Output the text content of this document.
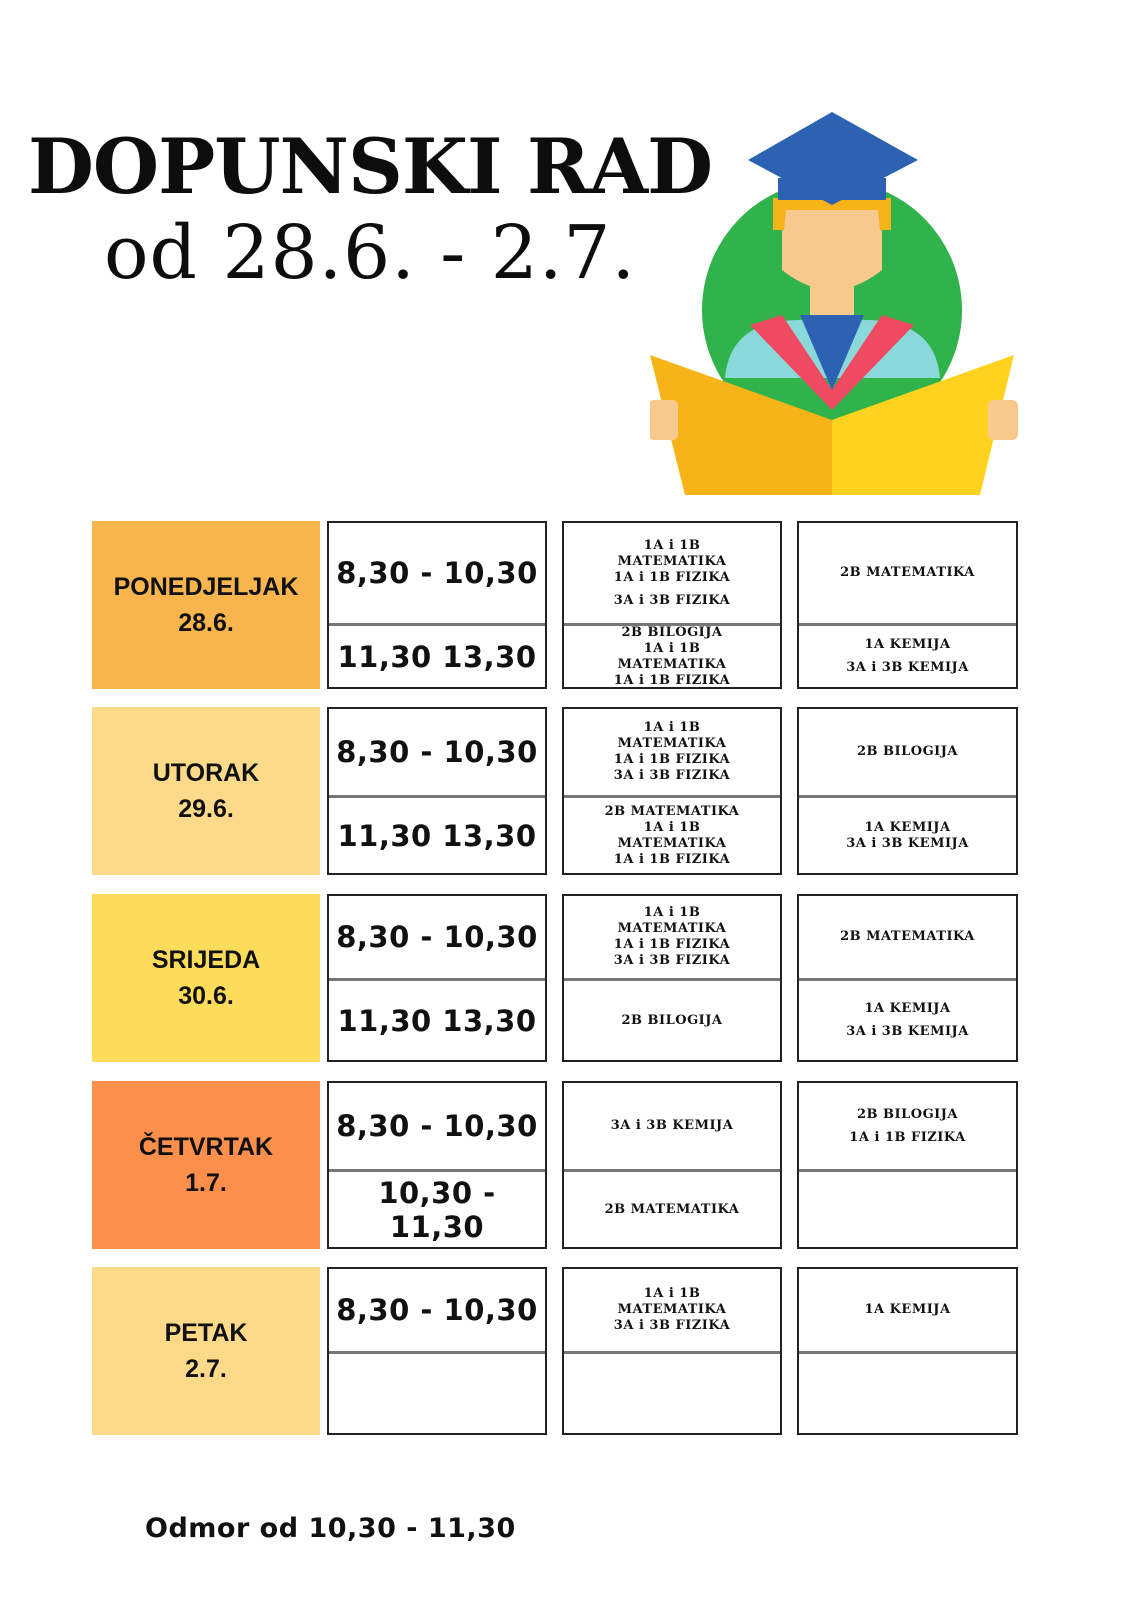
DOPUNSKI RAD
od 28.6. - 2.7.
Odmor od 10,30 - 11,30
PONEDJELJAK
28.6.
8,30 - 10,30
11,30 13,30
1A i 1B
MATEMATIKA
1A i 1B FIZIKA
3A i 3B FIZIKA
2B BILOGIJA
1A i 1B
MATEMATIKA
1A i 1B FIZIKA
2B MATEMATIKA
1A KEMIJA
3A i 3B KEMIJA
UTORAK
29.6.
8,30 - 10,30
11,30 13,30
1A i 1B
MATEMATIKA
1A i 1B FIZIKA
3A i 3B FIZIKA
2B MATEMATIKA
1A i 1B
MATEMATIKA
1A i 1B FIZIKA
2B BILOGIJA
1A KEMIJA
3A i 3B KEMIJA
SRIJEDA
30.6.
8,30 - 10,30
11,30 13,30
1A i 1B
MATEMATIKA
1A i 1B FIZIKA
3A i 3B FIZIKA
2B BILOGIJA
2B MATEMATIKA
1A KEMIJA
3A i 3B KEMIJA
ČETVRTAK
1.7.
8,30 - 10,30
10,30 - 11,30
3A i 3B KEMIJA
2B MATEMATIKA
2B BILOGIJA
1A i 1B FIZIKA
PETAK
2.7.
8,30 - 10,30	1A i 1B
MATEMATIKA
3A i 3B FIZIKA
1A KEMIJA
